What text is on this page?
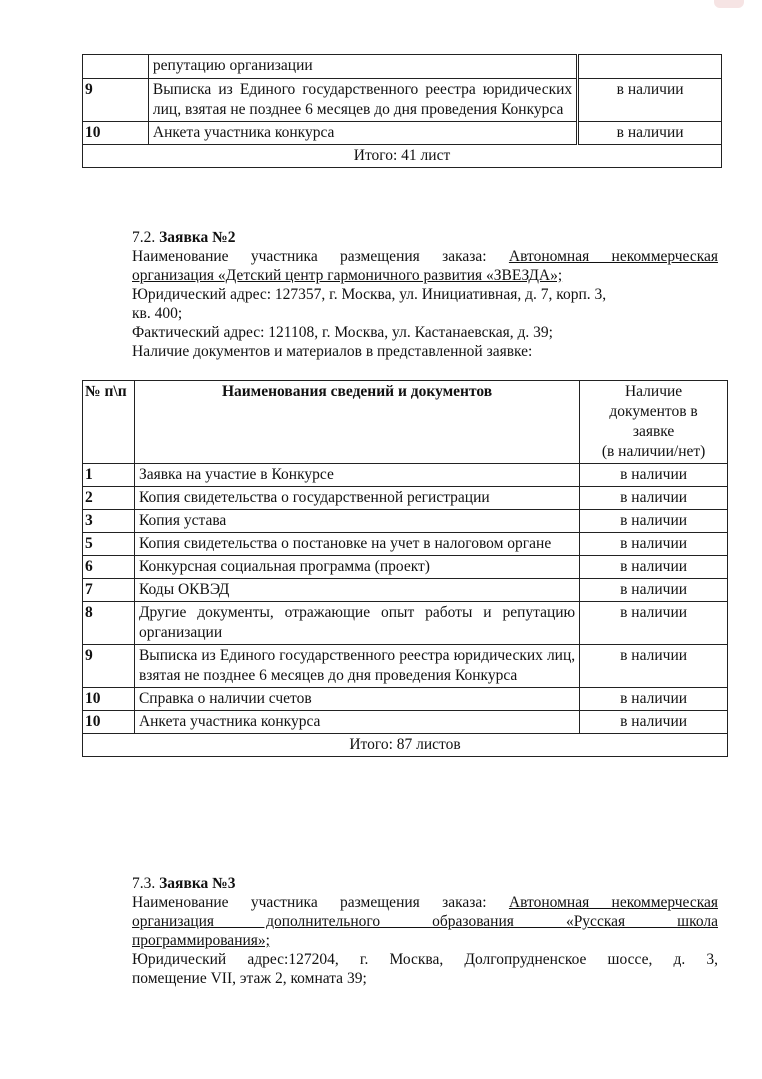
	репутацию организации	
9	Выписка из Единого государственного реестра юридических лиц, взятая не позднее 6 месяцев до дня проведения Конкурса	в наличии
10	Анкета участника конкурса	в наличии
Итого: 41 лист		

7.2. Заявка №2

Наименование участника размещения заказа: Автономная некоммерческая

организация «Детский центр гармоничного развития «ЗВЕЗДА»;

Юридический адрес: 127357, г. Москва, ул. Инициативная, д. 7, корп. 3,

кв. 400;

Фактический адрес: 121108, г. Москва, ул. Кастанаевская, д. 39;

Наличие документов и материалов в представленной заявке:

№ п\п	Наименования сведений и документов	Наличие
документов в
заявке
(в наличии/нет)
1	Заявка на участие в Конкурсе	в наличии
2	Копия свидетельства о государственной регистрации	в наличии
3	Копия устава	в наличии
5	Копия свидетельства о постановке на учет в налоговом органе	в наличии
6	Конкурсная социальная программа (проект)	в наличии
7	Коды ОКВЭД	в наличии
8	Другие документы, отражающие опыт работы и репутацию организации	в наличии
9	Выписка из Единого государственного реестра юридических лиц, взятая не позднее 6 месяцев до дня проведения Конкурса	в наличии
10	Справка о наличии счетов	в наличии
10	Анкета участника конкурса	в наличии
Итого: 87 листов		

7.3. Заявка №3

Наименование участника размещения заказа: Автономная некоммерческая

организация дополнительного образования «Русская школа

программирования»;

Юридический адрес:127204, г. Москва, Долгопрудненское шоссе, д. 3,

помещение VII, этаж 2, комната 39;
